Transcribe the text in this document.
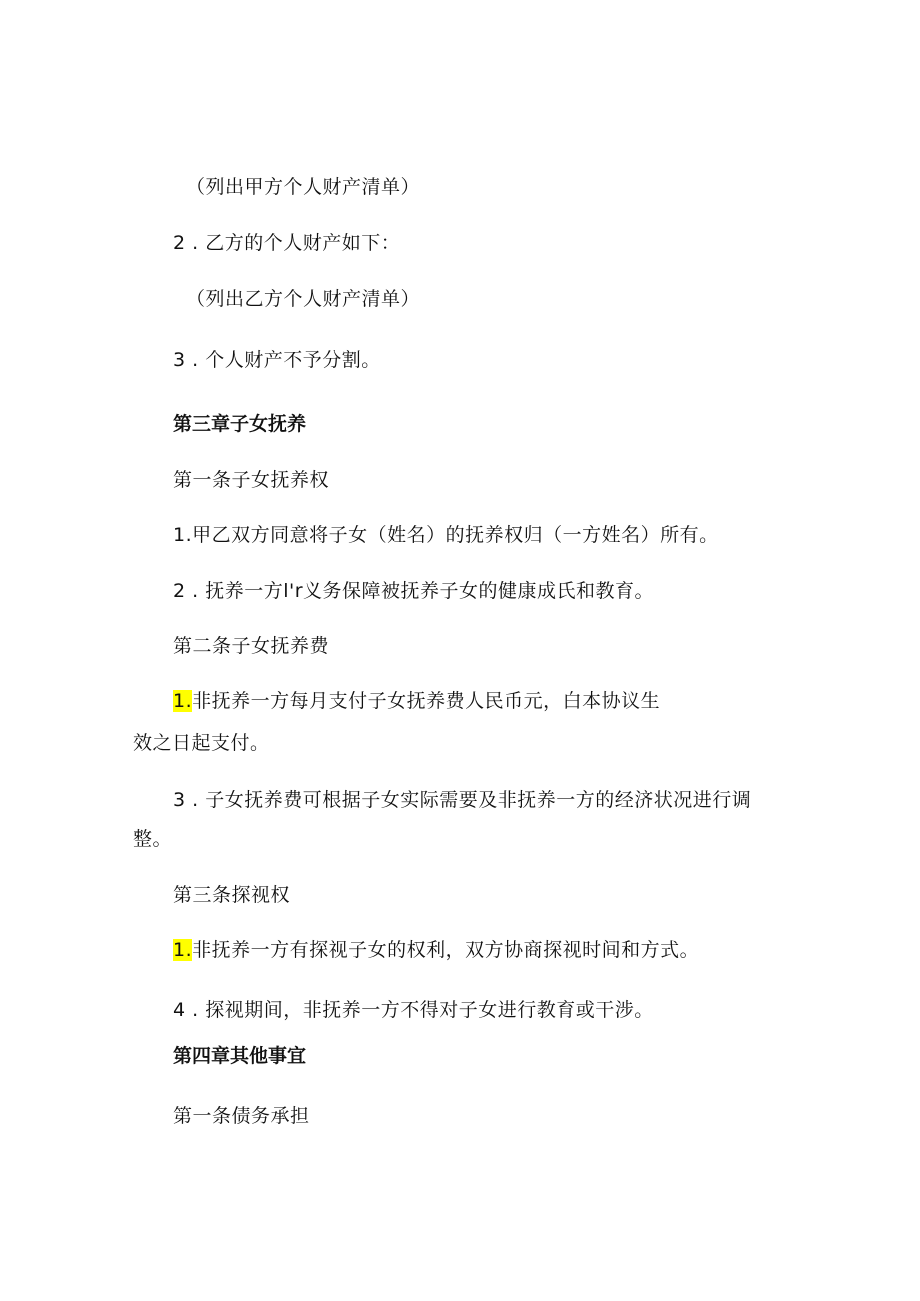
（列出甲方个人财产清单）
2 . 乙方的个人财产如下：
（列出乙方个人财产清单）
3 . 个人财产不予分割。
第三章子女抚养
第一条子女抚养权
1.甲乙双方同意将子女（姓名）的抚养权归（一方姓名）所有。
2 . 抚养一方l'r义务保障被抚养子女的健康成氏和教育。
第二条子女抚养费
1.非抚养一方每月支付子女抚养费人民币元，白本协议生
效之日起支付。
3 . 子女抚养费可根据子女实际需要及非抚养一方的经济状况进行调
整。
第三条探视权
1.非抚养一方有探视子女的权利，双方协商探视时间和方式。
4 . 探视期间，非抚养一方不得对子女进行教育或干涉。
第四章其他事宜
第一条债务承担
